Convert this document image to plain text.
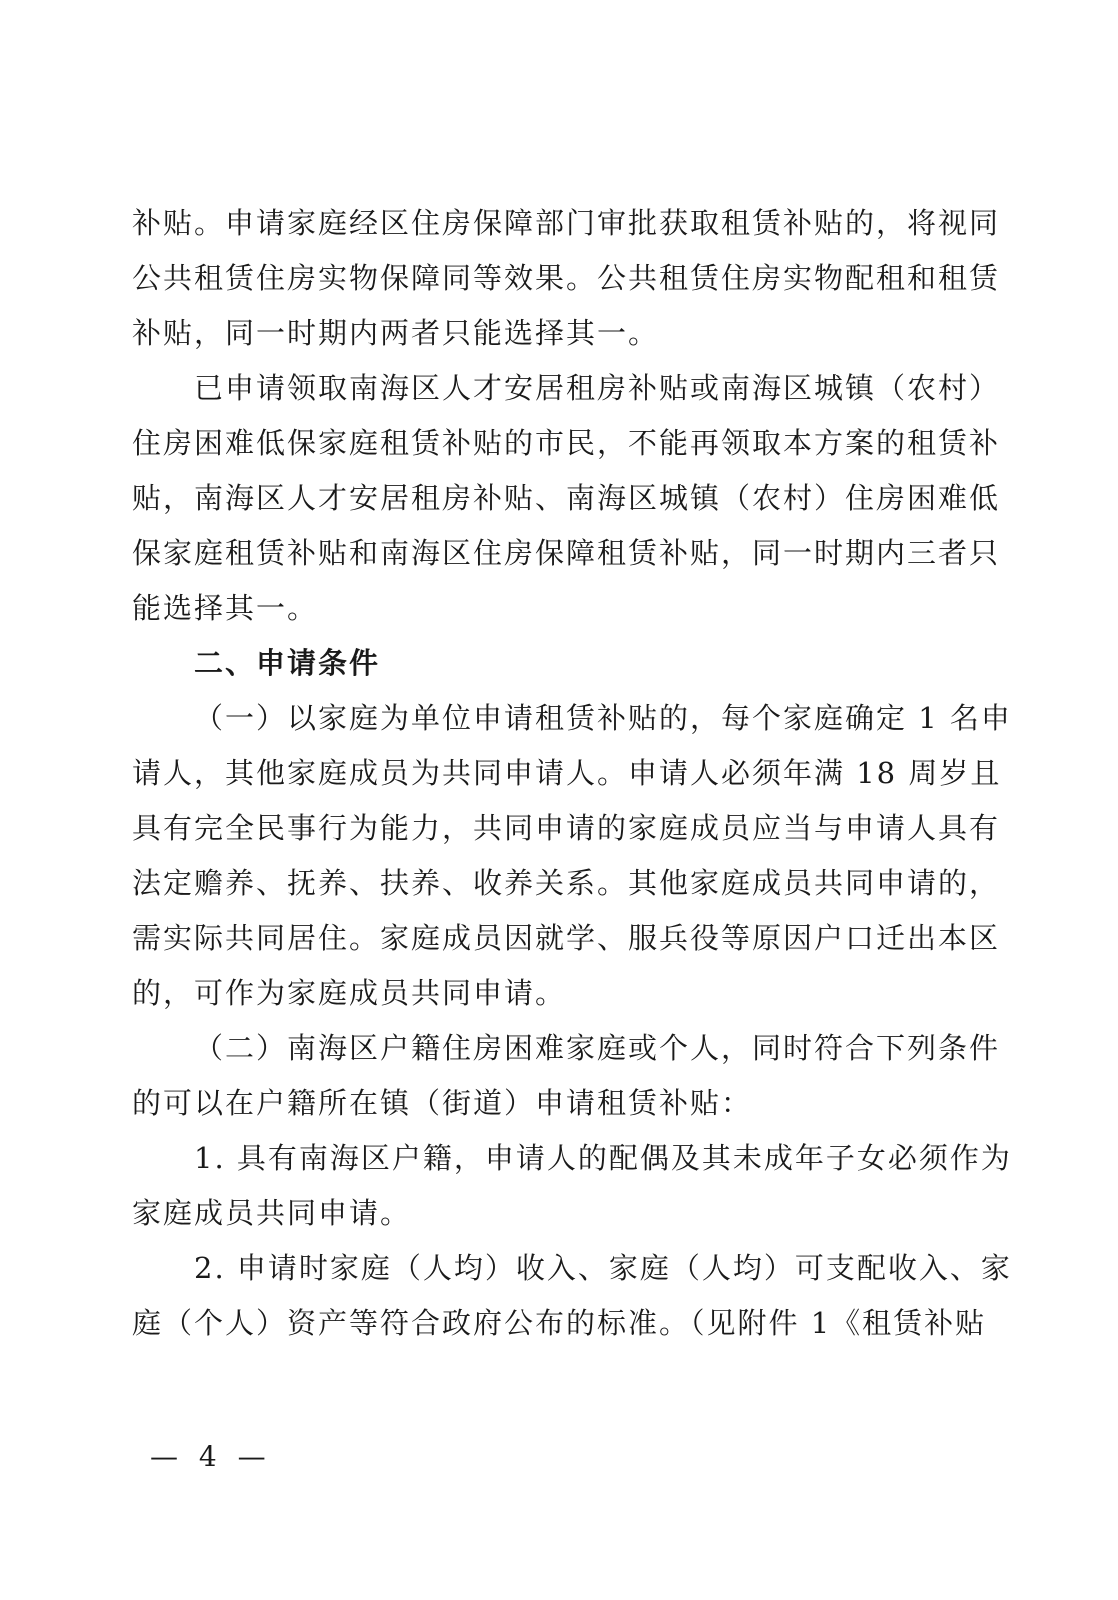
补贴。申请家庭经区住房保障部门审批获取租赁补贴的，将视同
公共租赁住房实物保障同等效果。公共租赁住房实物配租和租赁
补贴，同一时期内两者只能选择其一。
已申请领取南海区人才安居租房补贴或南海区城镇（农村）
住房困难低保家庭租赁补贴的市民，不能再领取本方案的租赁补
贴，南海区人才安居租房补贴、南海区城镇（农村）住房困难低
保家庭租赁补贴和南海区住房保障租赁补贴，同一时期内三者只
能选择其一。
二、申请条件
（一）以家庭为单位申请租赁补贴的，每个家庭确定 1 名申
请人，其他家庭成员为共同申请人。申请人必须年满 18 周岁且
具有完全民事行为能力，共同申请的家庭成员应当与申请人具有
法定赡养、抚养、扶养、收养关系。其他家庭成员共同申请的，
需实际共同居住。家庭成员因就学、服兵役等原因户口迁出本区
的，可作为家庭成员共同申请。
（二）南海区户籍住房困难家庭或个人，同时符合下列条件
的可以在户籍所在镇（街道）申请租赁补贴：
1. 具有南海区户籍，申请人的配偶及其未成年子女必须作为
家庭成员共同申请。
2. 申请时家庭（人均）收入、家庭（人均）可支配收入、家
庭（个人）资产等符合政府公布的标准。（见附件 1《租赁补贴
— 4 —
